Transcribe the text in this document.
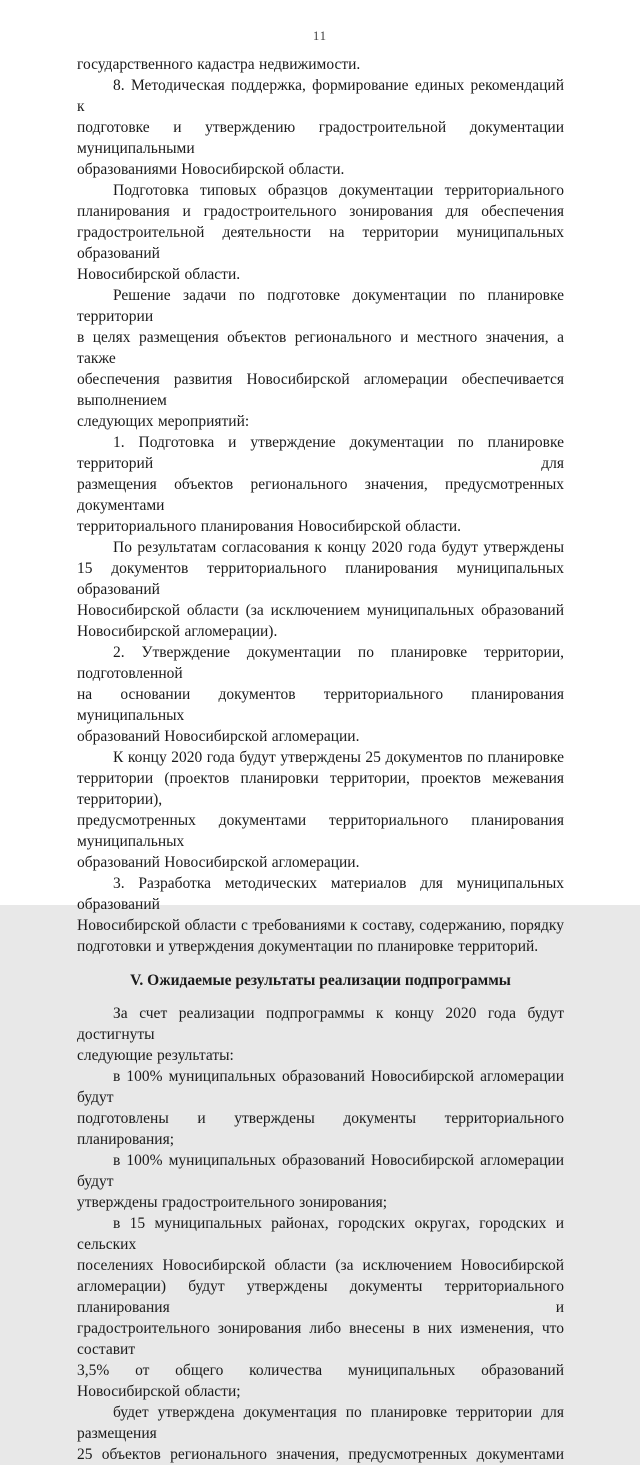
11
государственного кадастра недвижимости.
8. Методическая поддержка, формирование единых рекомендаций к
подготовке и утверждению градостроительной документации муниципальными
образованиями Новосибирской области.
Подготовка типовых образцов документации территориального
планирования и градостроительного зонирования для обеспечения
градостроительной деятельности на территории муниципальных образований
Новосибирской области.
Решение задачи по подготовке документации по планировке территории
в целях размещения объектов регионального и местного значения, а также
обеспечения развития Новосибирской агломерации обеспечивается выполнением
следующих мероприятий:
1. Подготовка и утверждение документации по планировке территорий для
размещения объектов регионального значения, предусмотренных документами
территориального планирования Новосибирской области.
По результатам согласования к концу 2020 года будут утверждены
15 документов территориального планирования муниципальных образований
Новосибирской области (за исключением муниципальных образований
Новосибирской агломерации).
2. Утверждение документации по планировке территории, подготовленной
на основании документов территориального планирования муниципальных
образований Новосибирской агломерации.
К концу 2020 года будут утверждены 25 документов по планировке
территории (проектов планировки территории, проектов межевания территории),
предусмотренных документами территориального планирования муниципальных
образований Новосибирской агломерации.
3. Разработка методических материалов для муниципальных образований
Новосибирской области с требованиями к составу, содержанию, порядку
подготовки и утверждения документации по планировке территорий.
V. Ожидаемые результаты реализации подпрограммы
За счет реализации подпрограммы к концу 2020 года будут достигнуты
следующие результаты:
в 100% муниципальных образований Новосибирской агломерации будут
подготовлены и утверждены документы территориального планирования;
в 100% муниципальных образований Новосибирской агломерации будут
утверждены градостроительного зонирования;
в 15 муниципальных районах, городских округах, городских и сельских
поселениях Новосибирской области (за исключением Новосибирской
агломерации) будут утверждены документы территориального планирования и
градостроительного зонирования либо внесены в них изменения, что составит
3,5% от общего количества муниципальных образований Новосибирской области;
будет утверждена документация по планировке территории для размещения
25 объектов регионального значения, предусмотренных документами
